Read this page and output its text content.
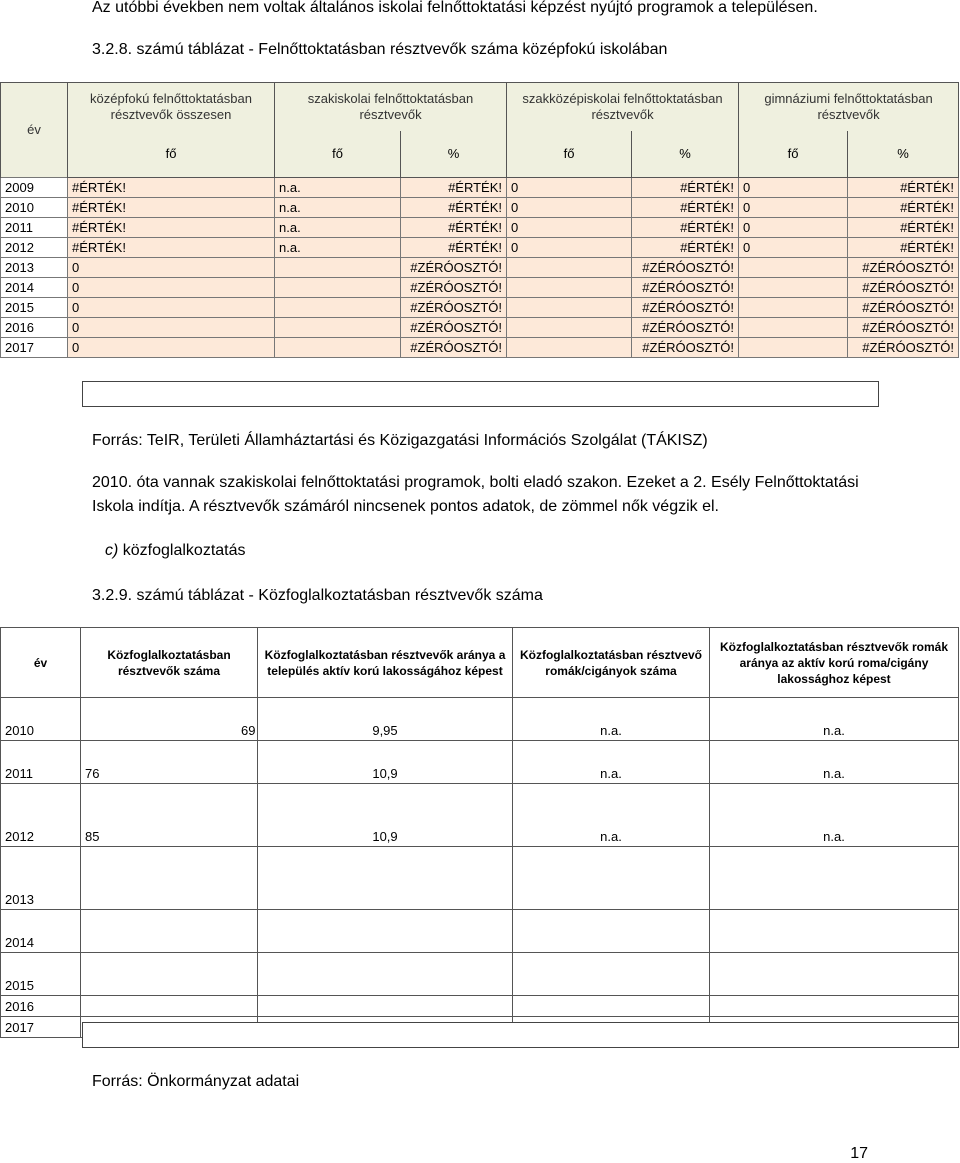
Az utóbbi években nem voltak általános iskolai felnőttoktatási képzést nyújtó programok a településen.
3.2.8. számú táblázat - Felnőttoktatásban résztvevők száma középfokú iskolában
év	középfokú felnőttoktatásban résztvevők összesen	szakiskolai felnőttoktatásban résztvevők		szakközépiskolai felnőttoktatásban résztvevők		gimnáziumi felnőttoktatásban résztvevők	
	fő	fő	%	fő	%	fő	%
2009	#ÉRTÉK!	n.a.	#ÉRTÉK!	0	#ÉRTÉK!	0	#ÉRTÉK!
2010	#ÉRTÉK!	n.a.	#ÉRTÉK!	0	#ÉRTÉK!	0	#ÉRTÉK!
2011	#ÉRTÉK!	n.a.	#ÉRTÉK!	0	#ÉRTÉK!	0	#ÉRTÉK!
2012	#ÉRTÉK!	n.a.	#ÉRTÉK!	0	#ÉRTÉK!	0	#ÉRTÉK!
2013	0		#ZÉRÓOSZTÓ!		#ZÉRÓOSZTÓ!		#ZÉRÓOSZTÓ!
2014	0		#ZÉRÓOSZTÓ!		#ZÉRÓOSZTÓ!		#ZÉRÓOSZTÓ!
2015	0		#ZÉRÓOSZTÓ!		#ZÉRÓOSZTÓ!		#ZÉRÓOSZTÓ!
2016	0		#ZÉRÓOSZTÓ!		#ZÉRÓOSZTÓ!		#ZÉRÓOSZTÓ!
2017	0		#ZÉRÓOSZTÓ!		#ZÉRÓOSZTÓ!		#ZÉRÓOSZTÓ!
Forrás: TeIR, Területi Államháztartási és Közigazgatási Információs Szolgálat (TÁKISZ)
2010. óta vannak szakiskolai felnőttoktatási programok, bolti eladó szakon. Ezeket a 2. Esély Felnőttoktatási Iskola indítja. A résztvevők számáról nincsenek pontos adatok, de zömmel nők végzik el.
c) közfoglalkoztatás
3.2.9. számú táblázat - Közfoglalkoztatásban résztvevők száma
év	Közfoglalkoztatásban résztvevők száma	Közfoglalkoztatásban résztvevők aránya a település aktív korú lakosságához képest	Közfoglalkoztatásban résztvevő romák/cigányok száma	Közfoglalkoztatásban résztvevők romák aránya az aktív korú roma/cigány lakossághoz képest
2010	69	9,95	n.a.	n.a.
2011	76	10,9	n.a.	n.a.
2012	85	10,9	n.a.	n.a.
2013				
2014				
2015				
2016				
2017				
Forrás: Önkormányzat adatai
17
